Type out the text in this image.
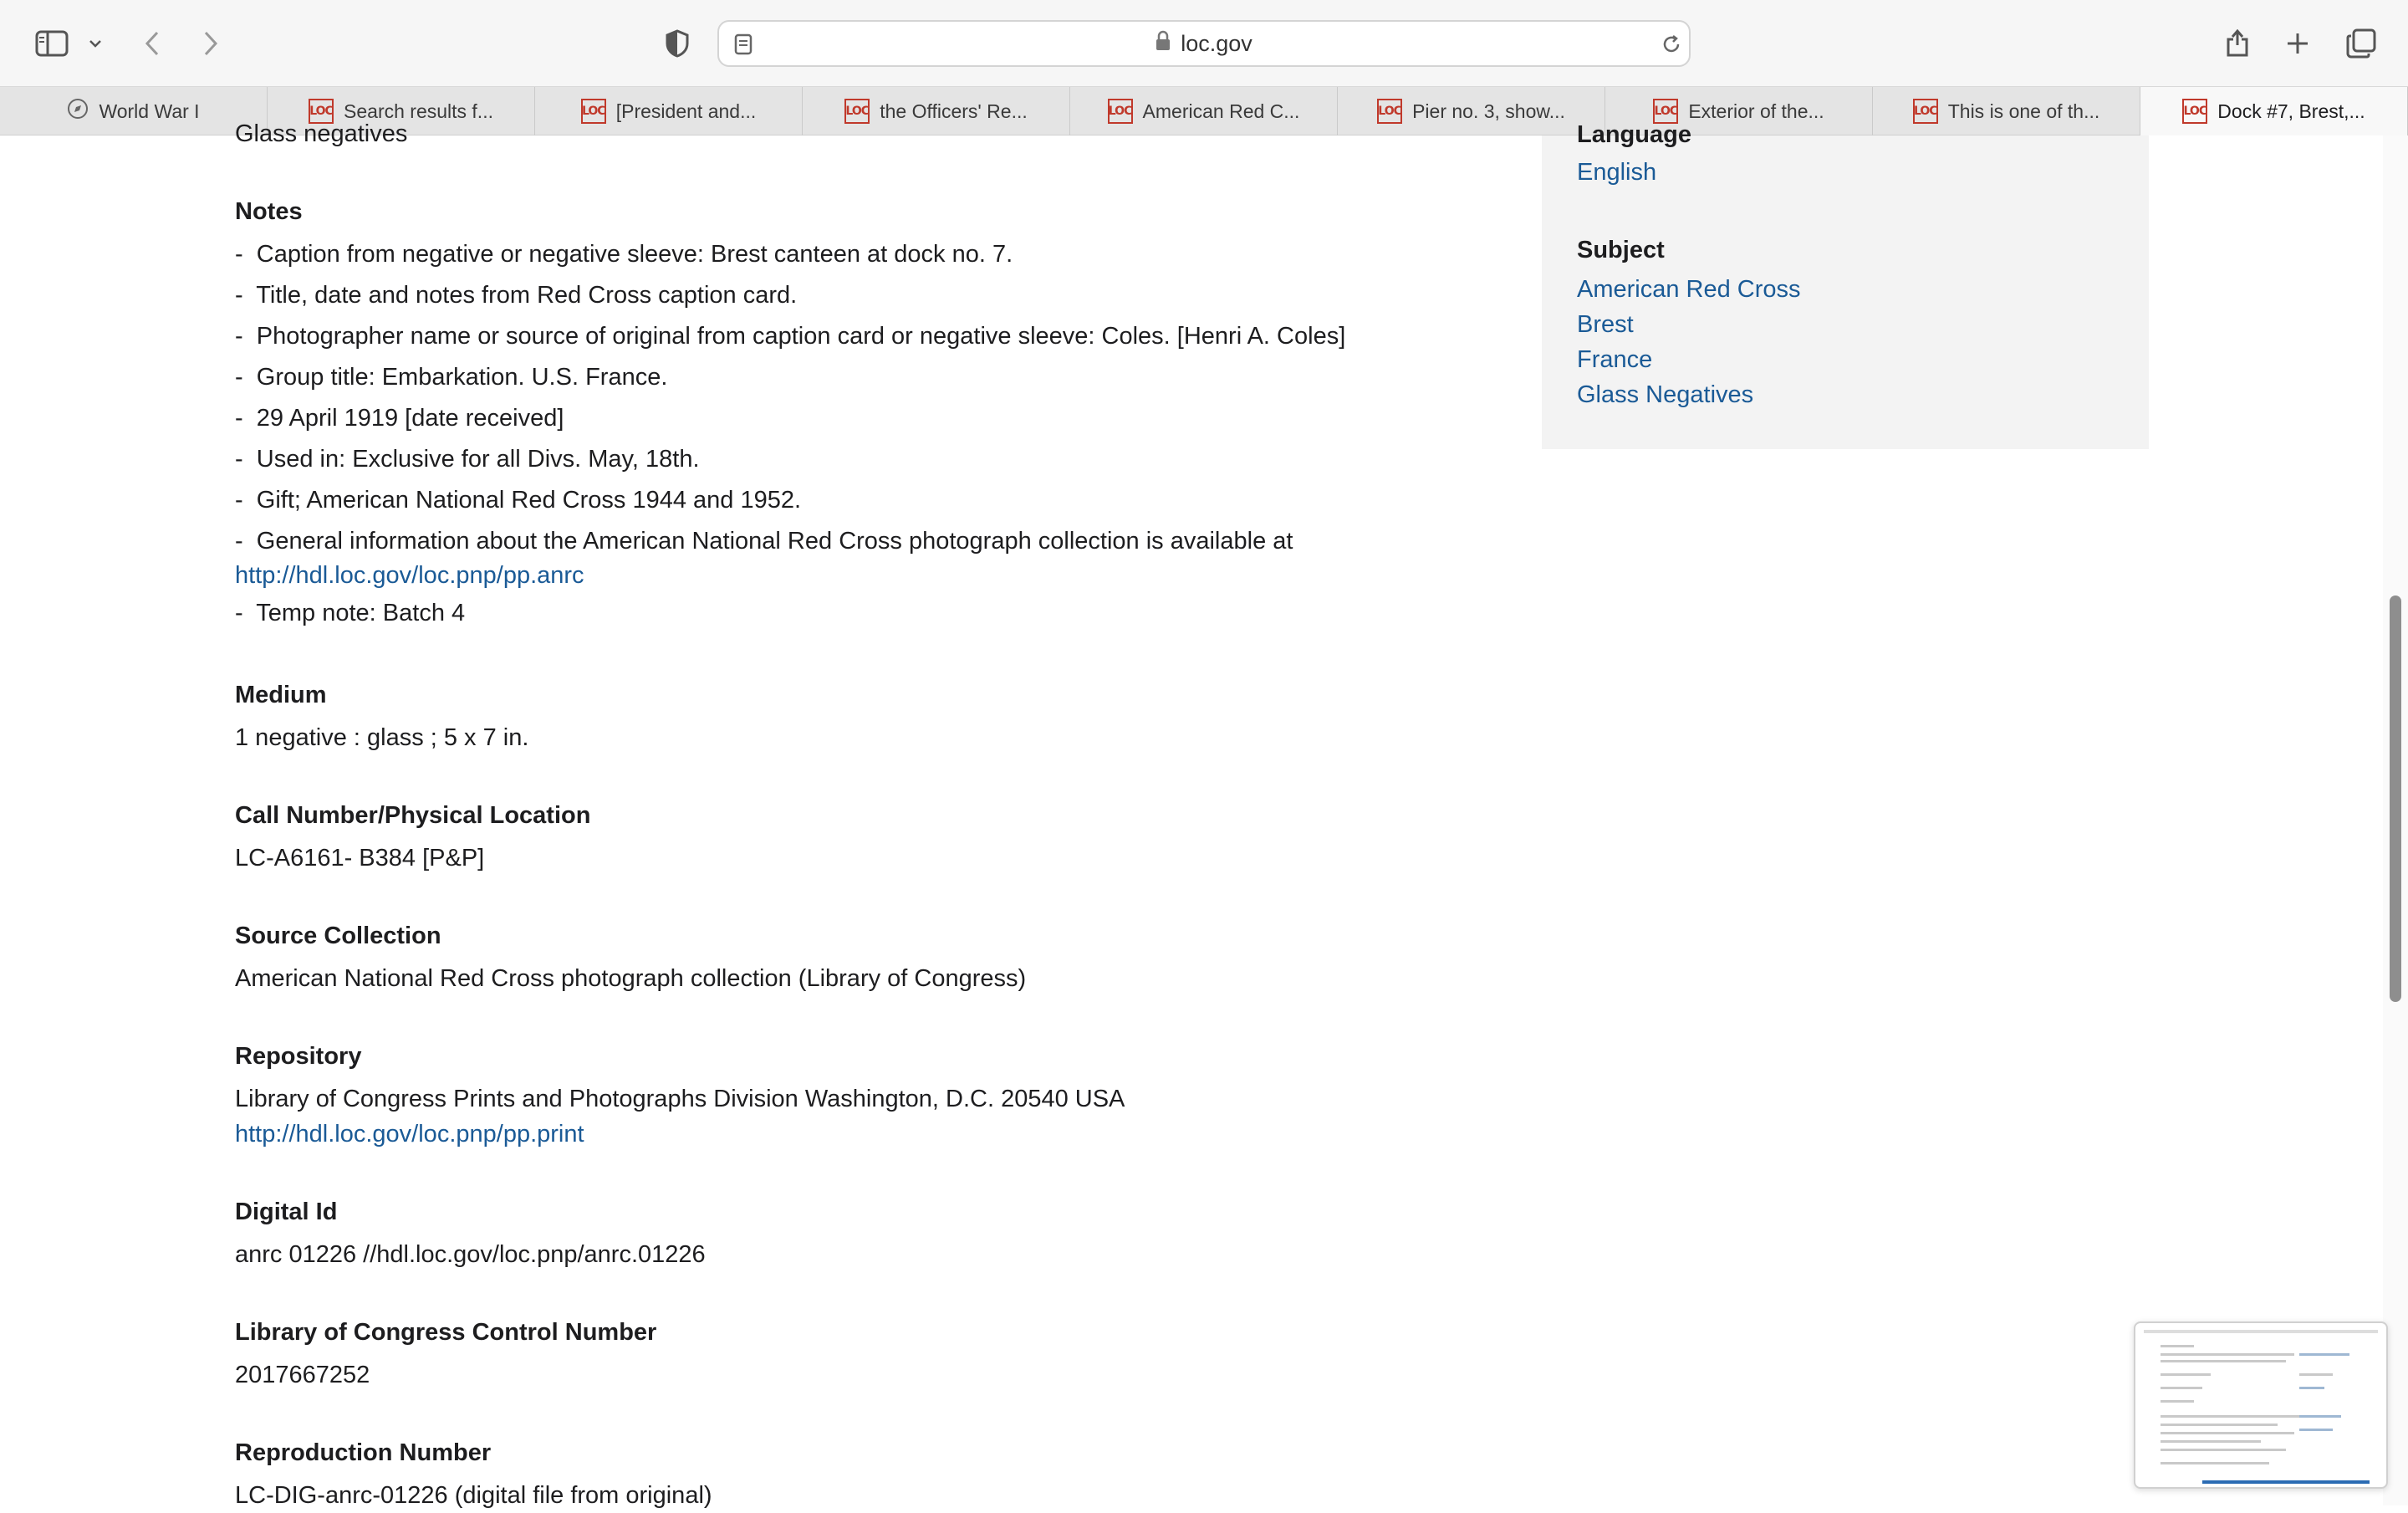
loc.gov
World War I	LOC Search results f...	LOC [President and...	LOC the Officers' Re...	LOC American Red C...	LOC Pier no. 3, show...	LOC Exterior of the...	LOC This is one of th...	LOC Dock #7, Brest,...

Glass negatives

Notes

- Caption from negative or negative sleeve: Brest canteen at dock no. 7.
- Title, date and notes from Red Cross caption card.
- Photographer name or source of original from caption card or negative sleeve: Coles. [Henri A. Coles]
- Group title: Embarkation. U.S. France.
- 29 April 1919 [date received]
- Used in: Exclusive for all Divs. May, 18th.
- Gift; American National Red Cross 1944 and 1952.
- General information about the American National Red Cross photograph collection is available at
http://hdl.loc.gov/loc.pnp/pp.anrc
- Temp note: Batch 4

Medium

1 negative : glass ; 5 x 7 in.

Call Number/Physical Location

LC-A6161- B384 [P&P]

Source Collection

American National Red Cross photograph collection (Library of Congress)

Repository

Library of Congress Prints and Photographs Division Washington, D.C. 20540 USA

http://hdl.loc.gov/loc.pnp/pp.print

Digital Id

anrc 01226 //hdl.loc.gov/loc.pnp/anrc.01226

Library of Congress Control Number

2017667252

Reproduction Number

LC-DIG-anrc-01226 (digital file from original)

Language

English

Subject

American Red Cross
Brest
France
Glass Negatives
